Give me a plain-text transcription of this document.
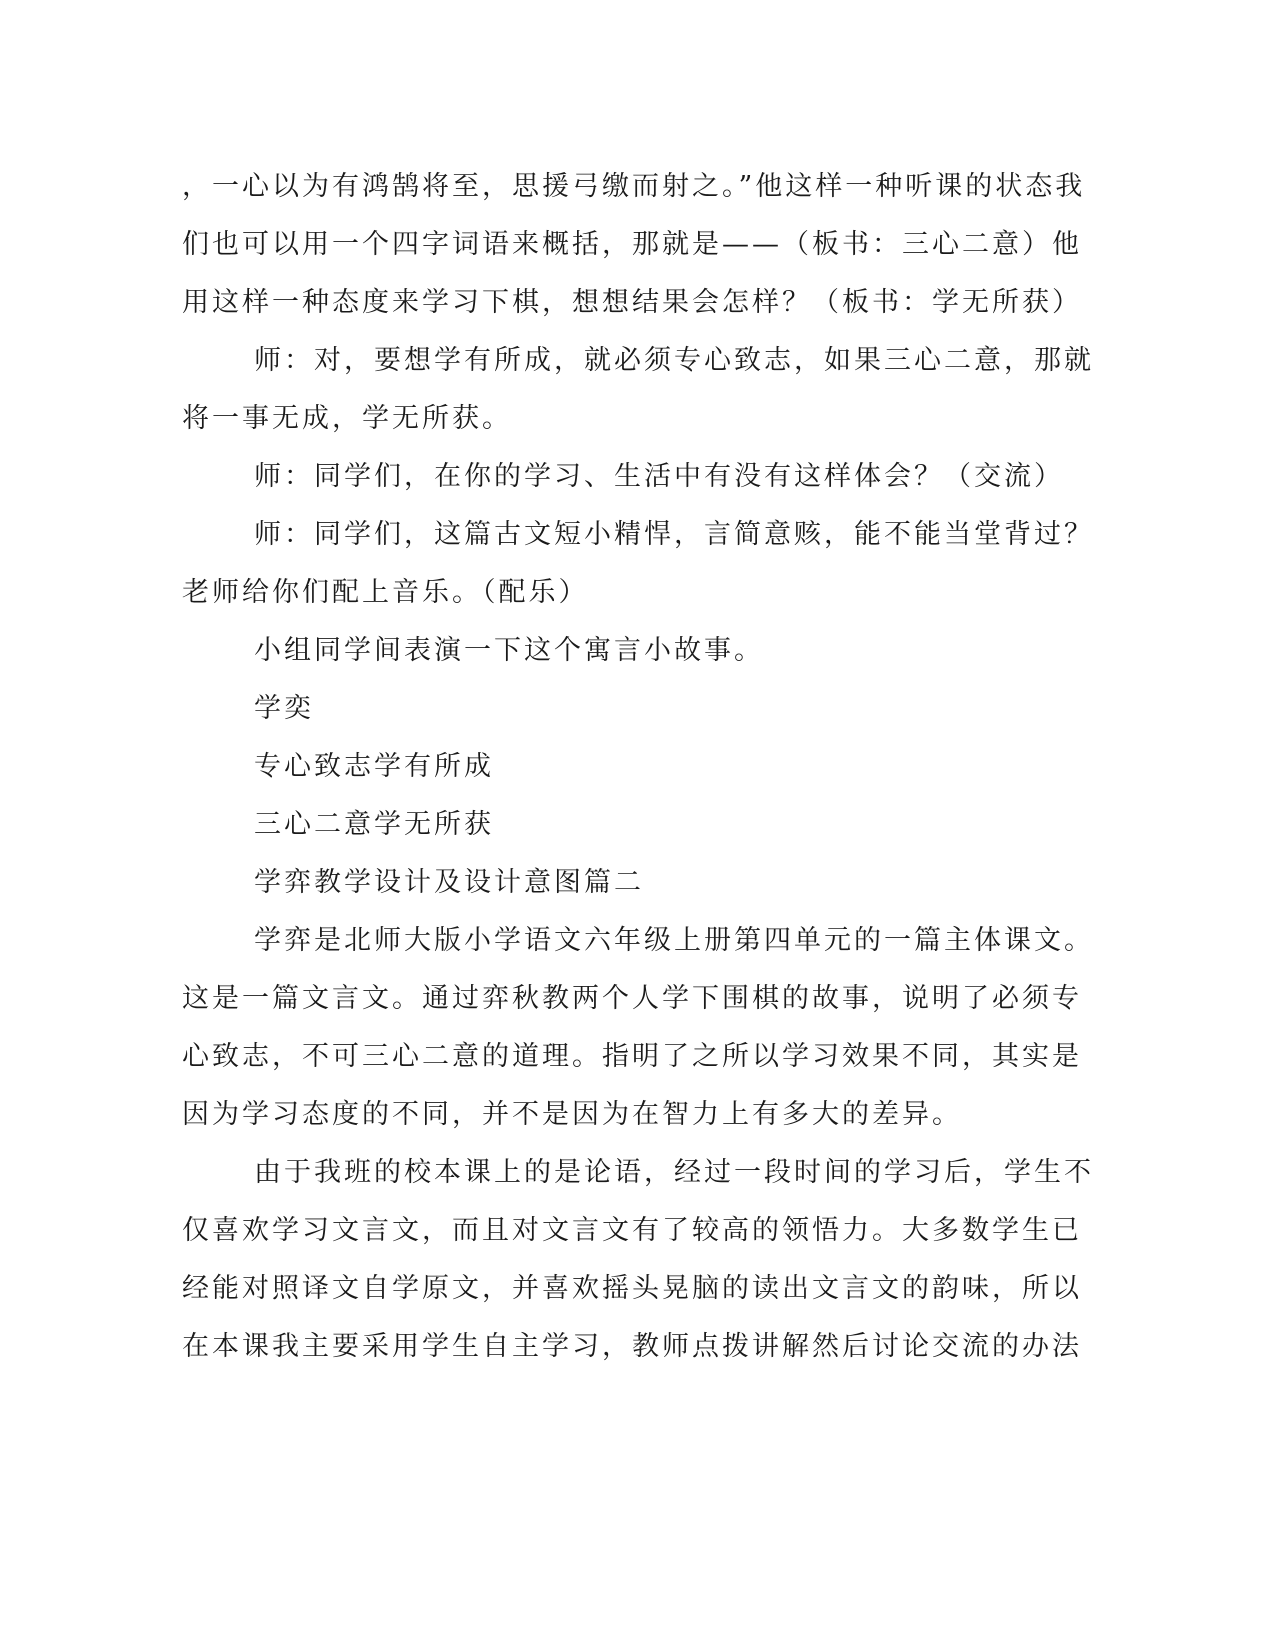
，一心以为有鸿鹄将至，思援弓缴而射之。”他这样一种听课的状态我

们也可以用一个四字词语来概括，那就是——（板书：三心二意）他

用这样一种态度来学习下棋，想想结果会怎样？（板书：学无所获）

师：对，要想学有所成，就必须专心致志，如果三心二意，那就

将一事无成，学无所获。

师：同学们，在你的学习、生活中有没有这样体会？（交流）

师：同学们，这篇古文短小精悍，言简意赅，能不能当堂背过？

老师给你们配上音乐。（配乐）

小组同学间表演一下这个寓言小故事。

学奕

专心致志学有所成

三心二意学无所获

学弈教学设计及设计意图篇二

学弈是北师大版小学语文六年级上册第四单元的一篇主体课文。

这是一篇文言文。通过弈秋教两个人学下围棋的故事，说明了必须专

心致志，不可三心二意的道理。指明了之所以学习效果不同，其实是

因为学习态度的不同，并不是因为在智力上有多大的差异。

由于我班的校本课上的是论语，经过一段时间的学习后，学生不

仅喜欢学习文言文，而且对文言文有了较高的领悟力。大多数学生已

经能对照译文自学原文，并喜欢摇头晃脑的读出文言文的韵味，所以

在本课我主要采用学生自主学习，教师点拨讲解然后讨论交流的办法
